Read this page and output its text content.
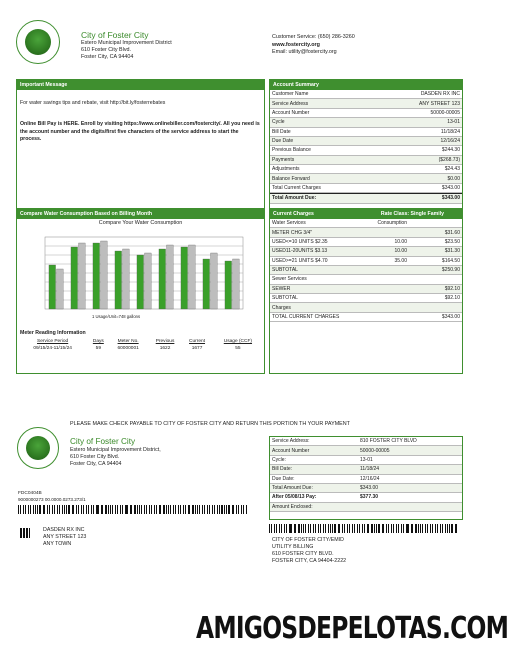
City of Foster City
Estero Municipal Improvement District
610 Foster City Blvd.
Foster City, CA 94404
Customer Service: (650) 286-3260
www.fostercity.org
Email: utility@fostercity.org
Important Message
For water savings tips and rebate, visit http://bit.ly/fosterrebates
Online Bill Pay is HERE. Enroll by visiting https://www.onlinebiller.com/fostercity/. All you need is the account number and the digits/first five characters of the service address to start the process.
Account Summary
Customer Name	DASDEN RX INC
Service Address	ANY STREET 123
Account Number	50000-00005
Cycle	13-01
Bill Date	11/18/24
Due Date	12/16/24
Previous Balance	$244.30
Payments	($268.73)
Adjustments	$24.43
Balance Forward	$0.00
Total Current Charges	$343.00
Total Amount Due:	$343.00
Compare Water Consumption Based on Billing Month
Compare Your Water Consumption
1 Usage/Unit=748 gallons
Meter Reading Information
Service Period	Days	Meter No.	Previous	Current	Usage (CCF)
09/15/24-11/15/24	59	60000001	1622	1677	55
Current Charges	Rate Class: Single Family
Water Services	Consumption
METER CHG 3/4"	$31.60
USED<=10 UNITS $2.35	10.00	$23.50
USED11-20UNITS $3.13	10.00	$31.30
USED>=21 UNITS $4.70	35.00	$164.50
SUBTOTAL	$250.90
Sewer Services
SEWER	$92.10
SUBTOTAL	$92.10
Charges
TOTAL CURRENT CHARGES	$343.00
PLEASE MAKE CHECK PAYABLE TO CITY OF FOSTER CITY AND RETURN THIS PORTION TH YOUR PAYMENT
City of Foster City
Estero Municipal Improvement District,
610 Foster City Blvd.
Foster City, CA 94404
FDC0404B
9000000273 00.0000.0273.273/1
DASDEN RX INC
ANY STREET 123
ANY TOWN
Service Address:	810 FOSTER CITY BLVD
Account Number	50000-00005
Cycle:	13-01
Bill Date:	11/18/24
Due Date:	12/16/24
Total Amount Due:	$343.00
After 05/08/13 Pay:	$377.30
Amount Enclosed:
CITY OF FOSTER CITY/EMID
UTILITY BILLING
610 FOSTER CITY BLVD.
FOSTER CITY, CA 94404-2222
AMIGOSDEPELOTAS.COM
